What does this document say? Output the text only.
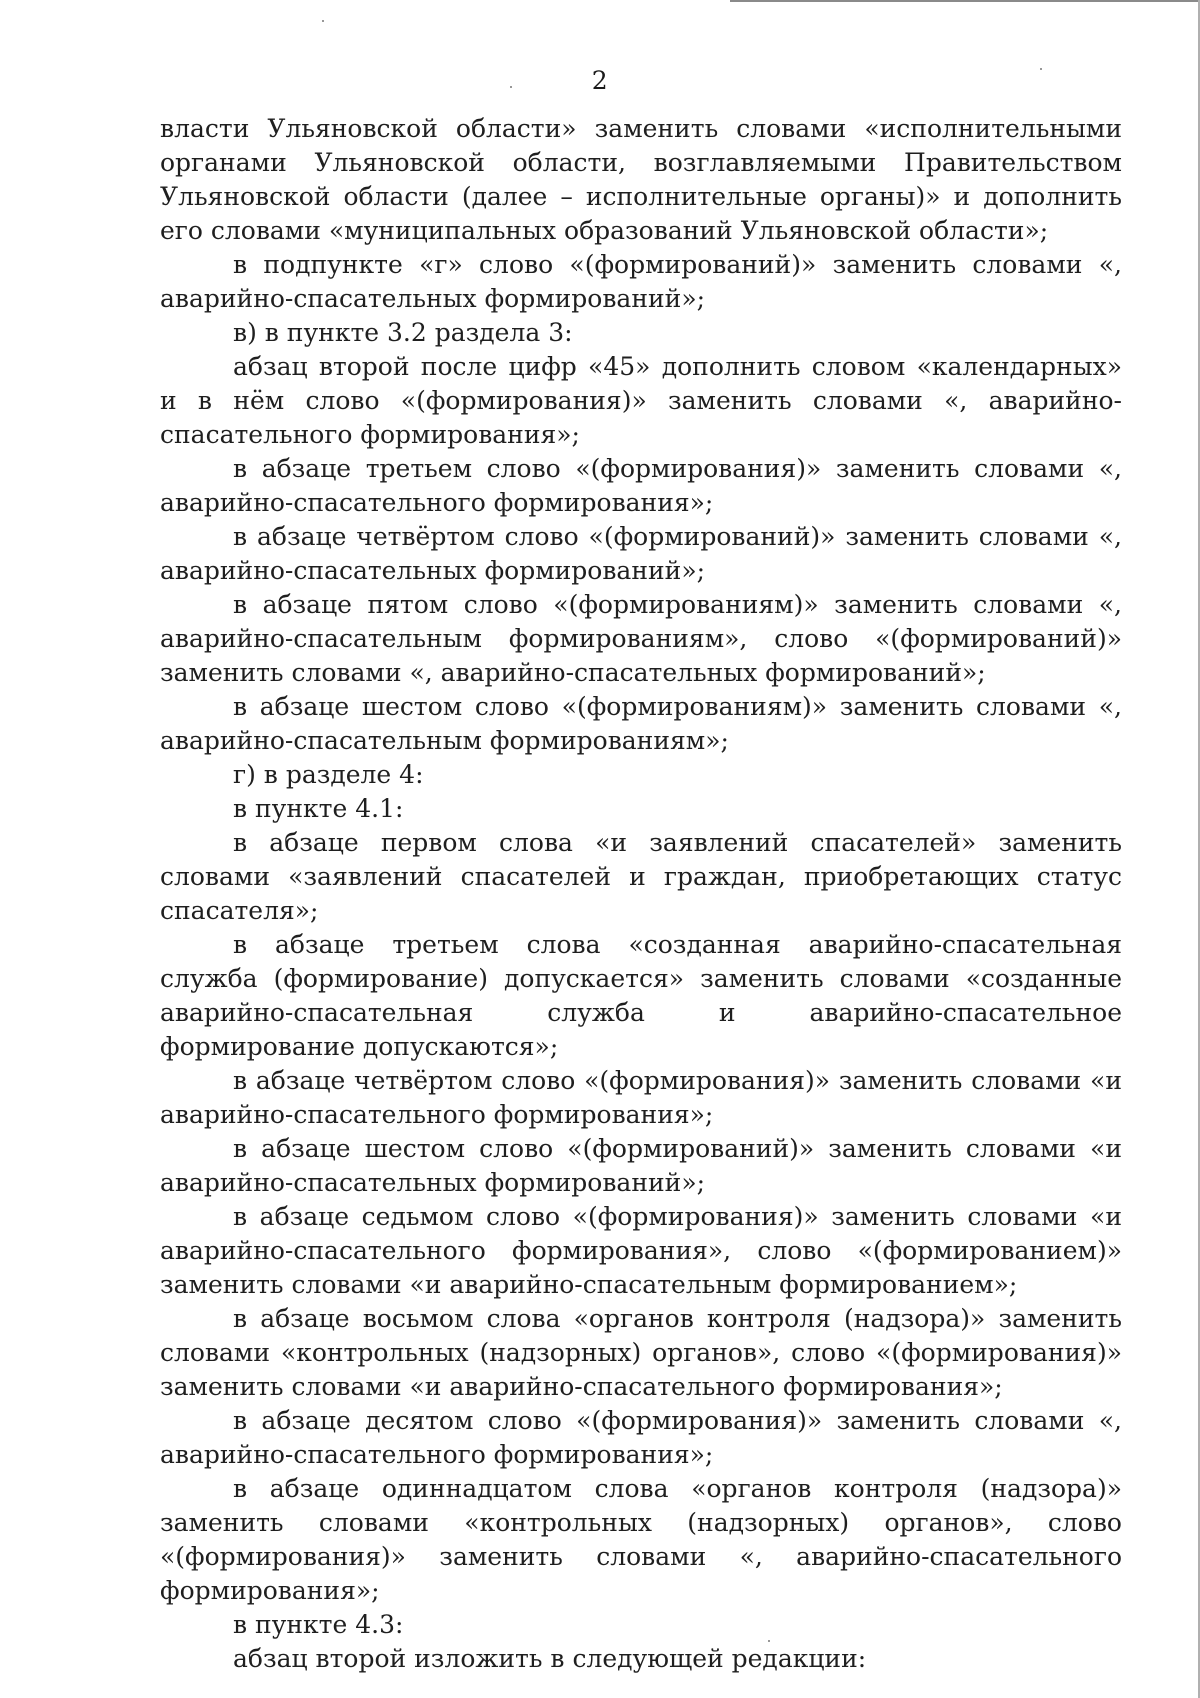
2

власти Ульяновской области» заменить словами «исполнительными органами Ульяновской области, возглавляемыми Правительством Ульяновской области (далее – исполнительные органы)» и дополнить его словами «муниципальных образований Ульяновской области»;

в подпункте «г» слово «(формирований)» заменить словами «, аварийно-спасательных формирований»;

в) в пункте 3.2 раздела 3:

абзац второй после цифр «45» дополнить словом «календарных» и в нём слово «(формирования)» заменить словами «, аварийно-спасательного формирования»;

в абзаце третьем слово «(формирования)» заменить словами «, аварийно-спасательного формирования»;

в абзаце четвёртом слово «(формирований)» заменить словами «, аварийно-спасательных формирований»;

в абзаце пятом слово «(формированиям)» заменить словами «, аварийно-спасательным формированиям», слово «(формирований)» заменить словами «, аварийно-спасательных формирований»;

в абзаце шестом слово «(формированиям)» заменить словами «, аварийно-спасательным формированиям»;

г) в разделе 4:

в пункте 4.1:

в абзаце первом слова «и заявлений спасателей» заменить словами «заявлений спасателей и граждан, приобретающих статус спасателя»;

в абзаце третьем слова «созданная аварийно-спасательная служба (формирование) допускается» заменить словами «созданные аварийно-спасательная служба и аварийно-спасательное формирование допускаются»;

в абзаце четвёртом слово «(формирования)» заменить словами «и аварийно-спасательного формирования»;

в абзаце шестом слово «(формирований)» заменить словами «и аварийно-спасательных формирований»;

в абзаце седьмом слово «(формирования)» заменить словами «и аварийно-спасательного формирования», слово «(формированием)» заменить словами «и аварийно-спасательным формированием»;

в абзаце восьмом слова «органов контроля (надзора)» заменить словами «контрольных (надзорных) органов», слово «(формирования)» заменить словами «и аварийно-спасательного формирования»;

в абзаце десятом слово «(формирования)» заменить словами «, аварийно-спасательного формирования»;

в абзаце одиннадцатом слова «органов контроля (надзора)» заменить словами «контрольных (надзорных) органов», слово «(формирования)» заменить словами «, аварийно-спасательного формирования»;

в пункте 4.3:

абзац второй изложить в следующей редакции:
